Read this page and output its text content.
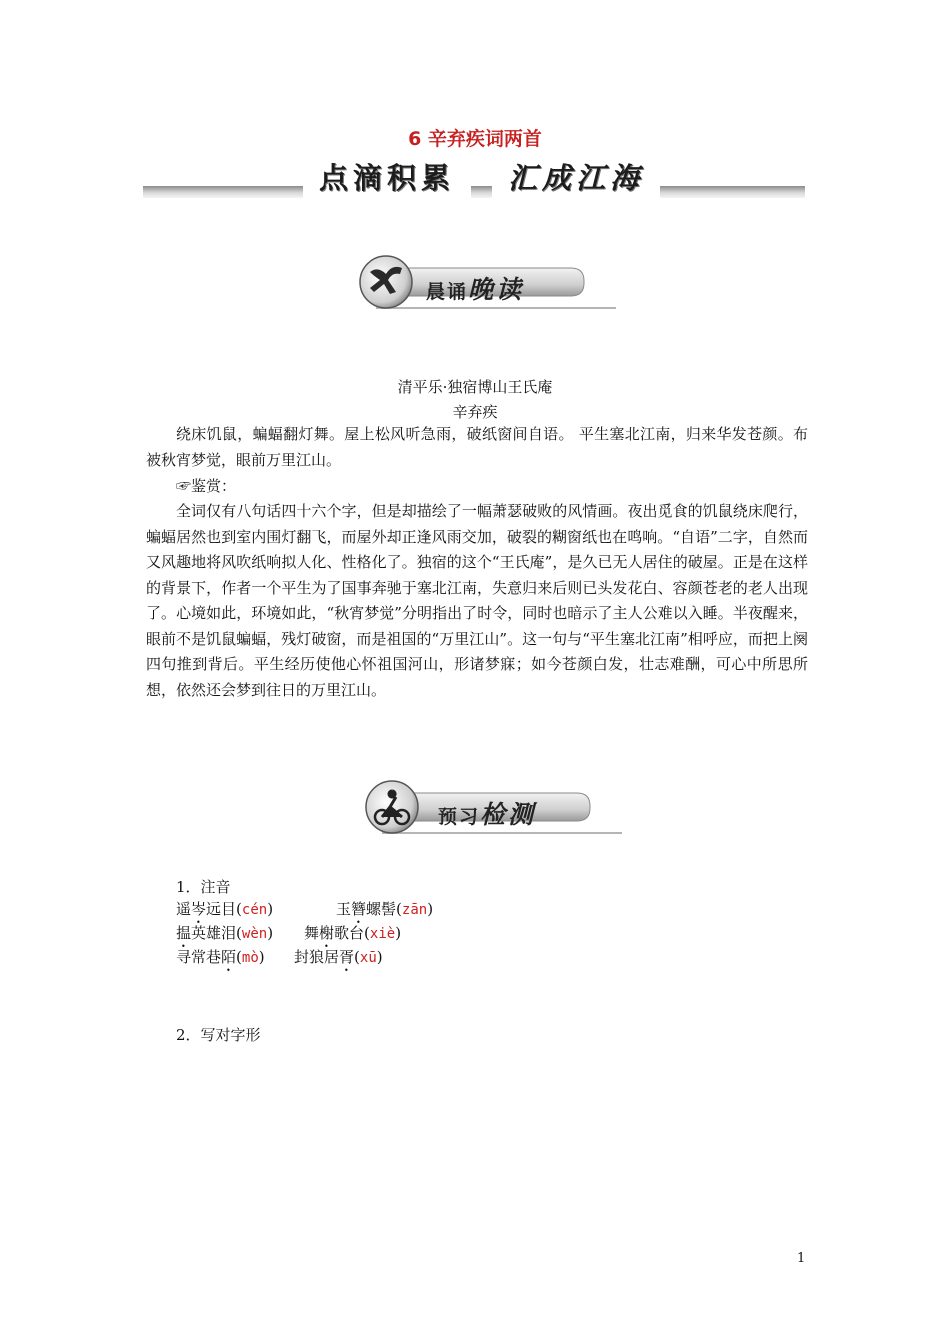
6 辛弃疾词两首
点滴积累	汇成江海
晨诵晚读
清平乐·独宿博山王氏庵
辛弃疾
绕床饥鼠，蝙蝠翻灯舞。屋上松风听急雨，破纸窗间自语。 平生塞北江南，归来华发苍颜。布被秋宵梦觉，眼前万里江山。
☞鉴赏：
全词仅有八句话四十六个字，但是却描绘了一幅萧瑟破败的风情画。夜出觅食的饥鼠绕床爬行，蝙蝠居然也到室内围灯翻飞，而屋外却正逢风雨交加，破裂的糊窗纸也在鸣响。“自语”二字，自然而又风趣地将风吹纸响拟人化、性格化了。独宿的这个“王氏庵”，是久已无人居住的破屋。正是在这样的背景下，作者一个平生为了国事奔驰于塞北江南，失意归来后则已头发花白、容颜苍老的老人出现了。心境如此，环境如此，“秋宵梦觉”分明指出了时令，同时也暗示了主人公难以入睡。半夜醒来，眼前不是饥鼠蝙蝠，残灯破窗，而是祖国的“万里江山”。这一句与“平生塞北江南”相呼应，而把上阕四句推到背后。平生经历使他心怀祖国河山，形诸梦寐；如今苍颜白发，壮志难酬，可心中所思所想，依然还会梦到往日的万里江山。
预习检测
1．注音
遥岑远目(cén)	玉簪螺髻(zān)
揾英雄泪(wèn) 舞榭歌台(xiè)
寻常巷陌(mò) 封狼居胥(xū)
2．写对字形
1
